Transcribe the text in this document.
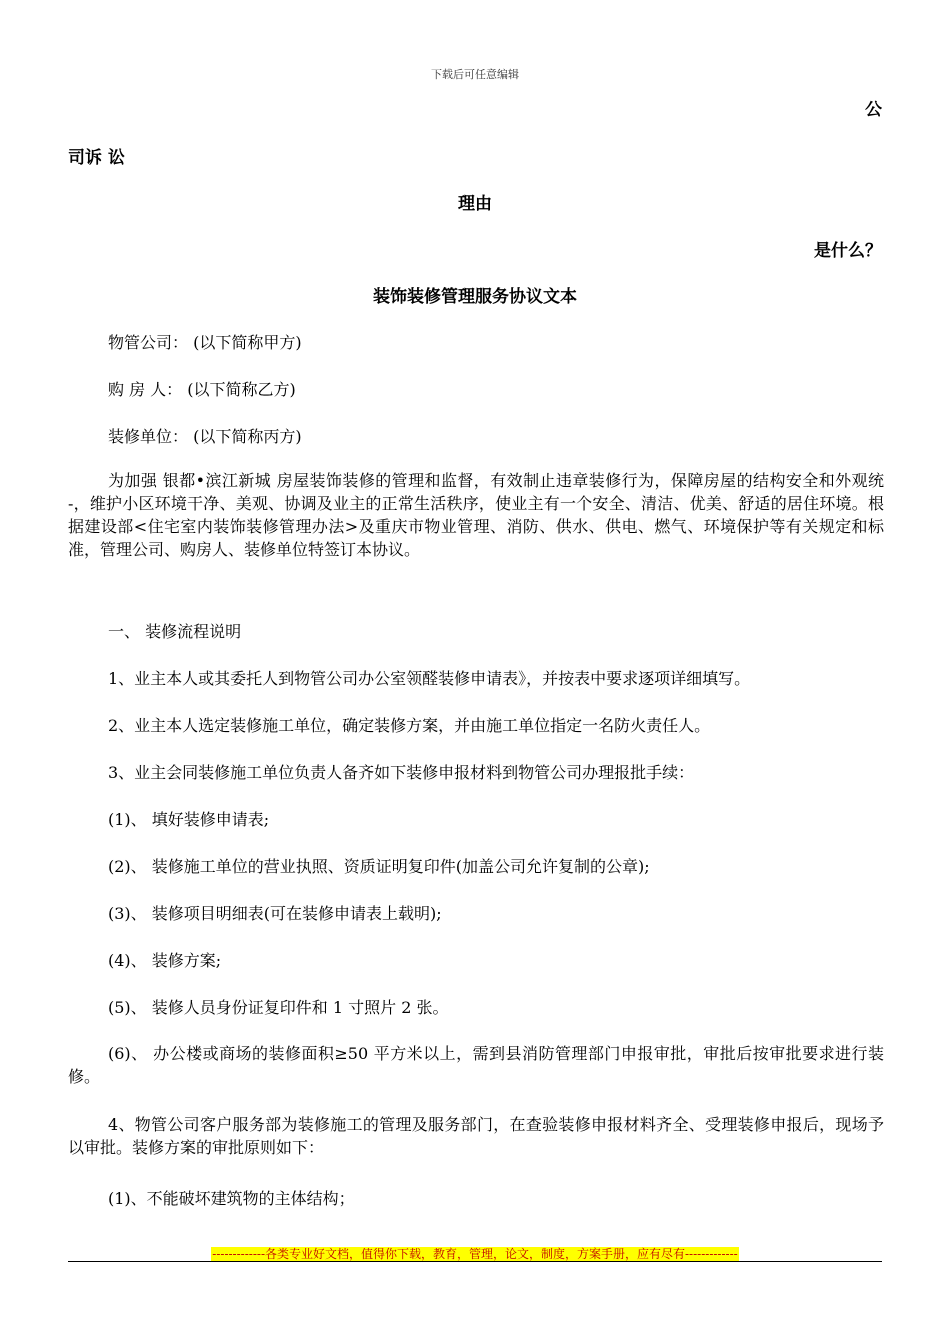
下载后可任意编辑
公
司诉 讼
理由
是什么？
装饰装修管理服务协议文本
物管公司： (以下简称甲方)
购 房 人： (以下简称乙方)
装修单位： (以下简称丙方)
为加强 银都•滨江新城 房屋装饰装修的管理和监督，有效制止违章装修行为，保障房屋的结构安全和外观统 -，维护小区环境干净、美观、协调及业主的正常生活秩序，使业主有一个安全、清洁、优美、舒适的居住环境。根据建设部<住宅室内装饰装修管理办法>及重庆市物业管理、消防、供水、供电、燃气、环境保护等有关规定和标准，管理公司、购房人、装修单位特签订本协议。
一、 装修流程说明
1、业主本人或其委托人到物管公司办公室领醛装修申请表》，并按表中要求逐项详细填写。
2、业主本人选定装修施工单位，确定装修方案，并由施工单位指定一名防火责任人。
3、业主会同装修施工单位负责人备齐如下装修申报材料到物管公司办理报批手续：
(1)、 填好装修申请表;
(2)、 装修施工单位的营业执照、资质证明复印件(加盖公司允许复制的公章);
(3)、 装修项目明细表(可在装修申请表上载明);
(4)、 装修方案;
(5)、 装修人员身份证复印件和 1 寸照片 2 张。
(6)、 办公楼或商场的装修面积≥50 平方米以上，需到县消防管理部门申报审批，审批后按审批要求进行装修。
4、物管公司客户服务部为装修施工的管理及服务部门，在查验装修申报材料齐全、受理装修申报后，现场予以审批。装修方案的审批原则如下：
(1)、不能破坏建筑物的主体结构；
-------------各类专业好文档，值得你下载，教育，管理，论文，制度，方案手册，应有尽有-------------
